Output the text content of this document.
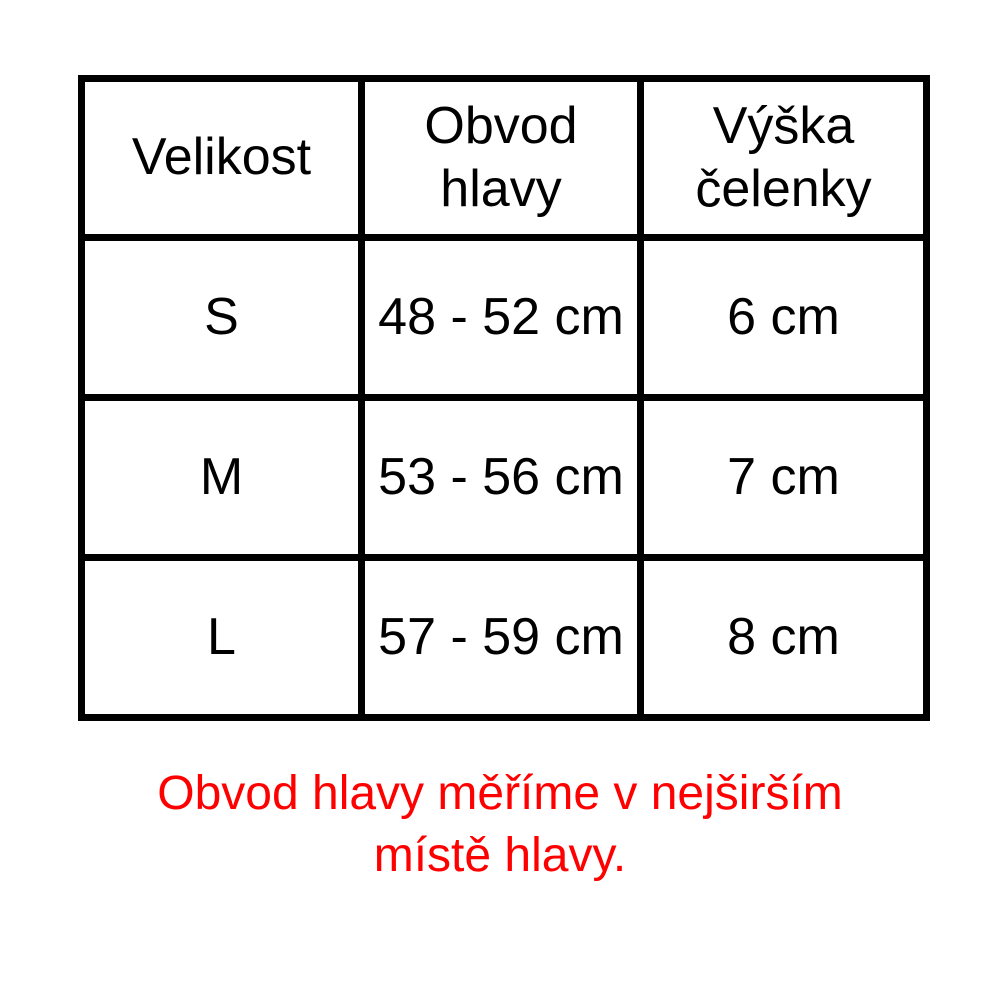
Velikost	Obvod hlavy	Výška čelenky
S	48 - 52 cm	6 cm
M	53 - 56 cm	7 cm
L	57 - 59 cm	8 cm
Obvod hlavy měříme v nejširším
místě hlavy.
